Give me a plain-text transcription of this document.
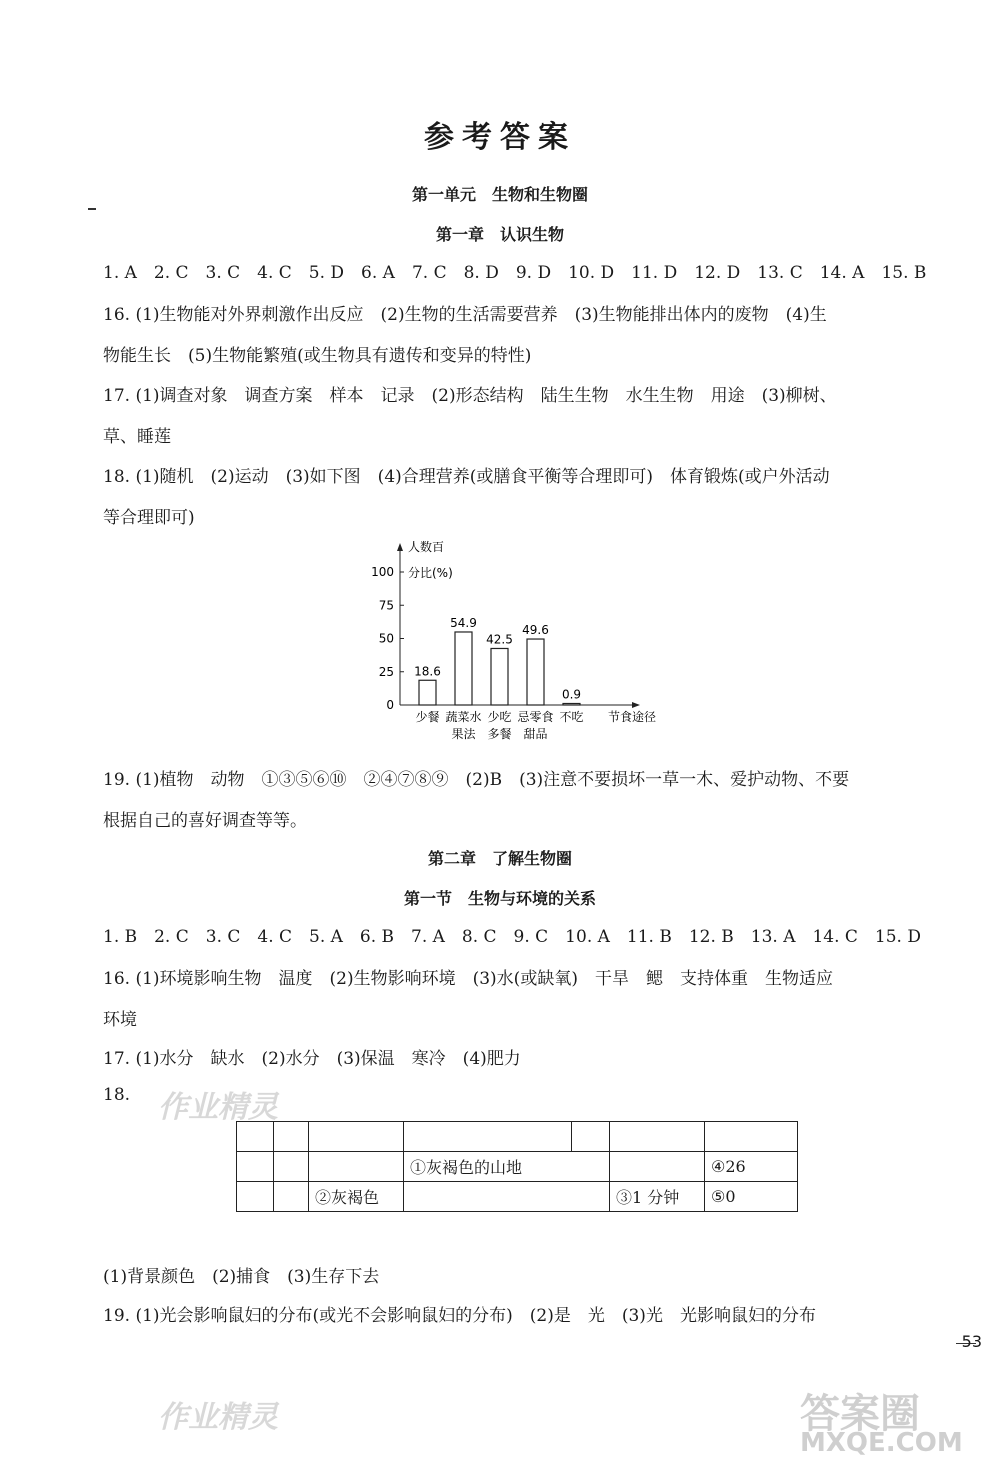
参考答案
第一单元　生物和生物圈
第一章　认识生物
1. A　2. C　3. C　4. C　5. D　6. A　7. C　8. D　9. D　10. D　11. D　12. D　13. C　14. A　15. B
16. (1)生物能对外界刺激作出反应　(2)生物的生活需要营养　(3)生物能排出体内的废物　(4)生
物能生长　(5)生物能繁殖(或生物具有遗传和变异的特性)
17. (1)调查对象　调查方案　样本　记录　(2)形态结构　陆生生物　水生生物　用途　(3)柳树、
草、睡莲
18. (1)随机　(2)运动　(3)如下图　(4)合理营养(或膳食平衡等合理即可)　体育锻炼(或户外活动
等合理即可)
0
25
50
75
100
人数百
分比(%)
18.6
少餐
54.9
蔬菜水
果法
42.5
少吃
多餐
49.6
忌零食
甜品
0.9
不吃 节食途径
19. (1)植物　动物　①③⑤⑥⑩　②④⑦⑧⑨　(2)B　(3)注意不要损坏一草一木、爱护动物、不要
根据自己的喜好调查等等。
第二章　了解生物圈
第一节　生物与环境的关系
1. B　2. C　3. C　4. C　5. A　6. B　7. A　8. C　9. C　10. A　11. B　12. B　13. A　14. C　15. D
16. (1)环境影响生物　温度　(2)生物影响环境　(3)水(或缺氧)　干旱　鳃　支持体重　生物适应
环境
17. (1)水分　缺水　(2)水分　(3)保温　寒冷　(4)肥力
18. 作业精灵

			①灰褐色的山地			④26
		②灰褐色			③1 分钟	⑤0
(1)背景颜色　(2)捕食　(3)生存下去
19. (1)光会影响鼠妇的分布(或光不会影响鼠妇的分布)　(2)是　光　(3)光　光影响鼠妇的分布
53
作业精灵	答案圈
MXQE.COM
